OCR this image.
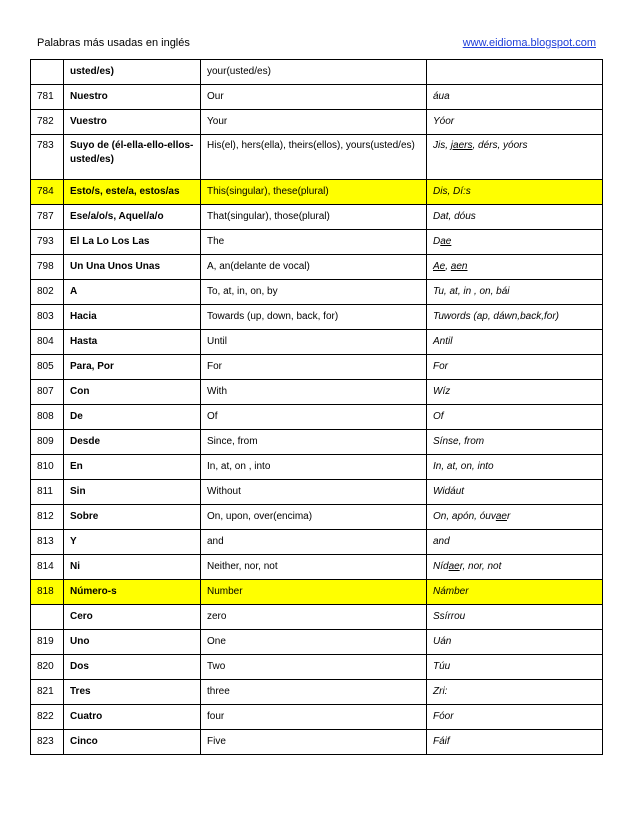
Palabras más usadas en inglés	www.eidioma.blogspot.com
	usted/es)	your(usted/es)	
781	Nuestro	Our	áua
782	Vuestro	Your	Yóor
783	Suyo de (él-ella-ello-ellos-usted/es)	His(el), hers(ella), theirs(ellos), yours(usted/es)	Jis, jaers, dérs, yóors
784	Esto/s, este/a, estos/as	This(singular), these(plural)	Dis, Dí:s
787	Ese/a/o/s, Aquel/a/o	That(singular), those(plural)	Dat, dóus
793	El La Lo Los Las	The	Dae
798	Un Una Unos Unas	A, an(delante de vocal)	Ae, aen
802	A	To, at, in, on, by	Tu, at, in , on, bái
803	Hacia	Towards (up, down, back, for)	Tuwords (ap, dáwn,back,for)
804	Hasta	Until	Antil
805	Para, Por	For	For
807	Con	With	Wíz
808	De	Of	Of
809	Desde	Since, from	Sínse, from
810	En	In, at, on , into	In, at, on, into
811	Sin	Without	Widáut
812	Sobre	On, upon, over(encima)	On, apón, óuvaer
813	Y	and	and
814	Ni	Neither, nor, not	Nídaer, nor, not
818	Número-s	Number	Námber
	Cero	zero	Ssírrou
819	Uno	One	Uán
820	Dos	Two	Túu
821	Tres	three	Zri:
822	Cuatro	four	Fóor
823	Cinco	Five	Fáif
